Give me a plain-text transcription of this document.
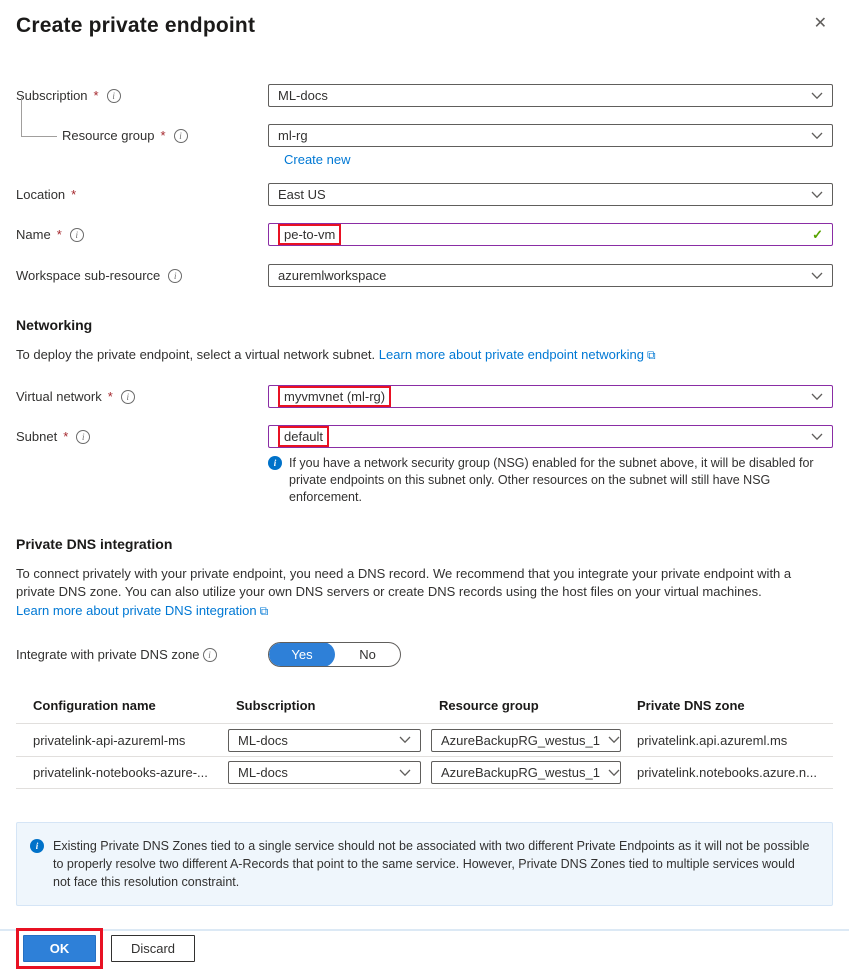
Create private endpoint	✕
Subscription *	i	ML-docs
Resource group *	i	ml-rg
Create new
Location *	East US
Name *	i	pe-to-vm	✓
Workspace sub-resource	i	azuremlworkspace
Networking
To deploy the private endpoint, select a virtual network subnet. Learn more about private endpoint networking ⧉
Virtual network *	i	myvmvnet (ml-rg)
Subnet *	i	default
i	If you have a network security group (NSG) enabled for the subnet above, it will be disabled for private endpoints on this subnet only. Other resources on the subnet will still have NSG enforcement.
Private DNS integration
To connect privately with your private endpoint, you need a DNS record. We recommend that you integrate your private endpoint with a private DNS zone. You can also utilize your own DNS servers or create DNS records using the host files on your virtual machines.
Learn more about private DNS integration ⧉
Integrate with private DNS zone i	Yes	No
Configuration name	Subscription	Resource group	Private DNS zone
privatelink-api-azureml-ms	ML-docs	AzureBackupRG_westus_1	privatelink.api.azureml.ms
privatelink-notebooks-azure-...	ML-docs	AzureBackupRG_westus_1	privatelink.notebooks.azure.n...
i	Existing Private DNS Zones tied to a single service should not be associated with two different Private Endpoints as it will not be possible to properly resolve two different A-Records that point to the same service. However, Private DNS Zones tied to multiple services would not face this resolution constraint.
OK	Discard
